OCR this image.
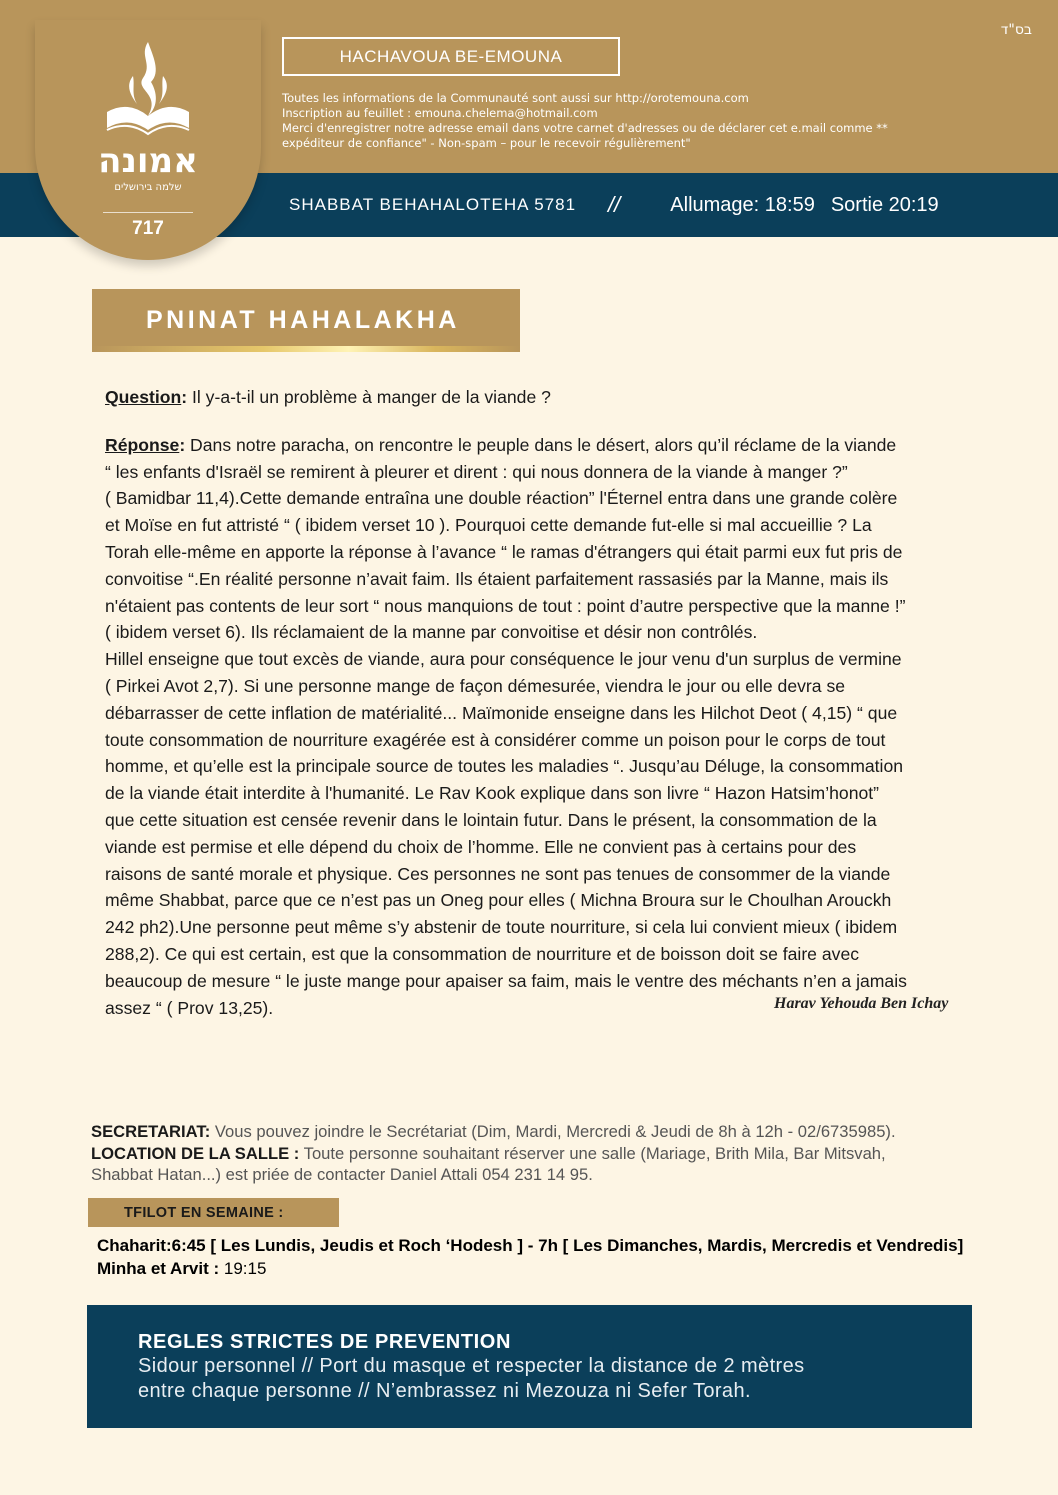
בס"ד
אמונה
שלמה בירושלים
717
HACHAVOUA BE-EMOUNA
Toutes les informations de la Communauté sont aussi sur http://orotemouna.com
Inscription au feuillet : emouna.chelema@hotmail.com
Merci d'enregistrer notre adresse email dans votre carnet d'adresses ou de déclarer cet e.mail comme **
expéditeur de confiance" - Non-spam – pour le recevoir régulièrement"
SHABBAT BEHAHALOTEHA 5781 //	Allumage: 18:59 Sortie 20:19
PNINAT HAHALAKHA
Question: Il y-a-t-il un problème à manger de la viande ?
Réponse: Dans notre paracha, on rencontre le peuple dans le désert, alors qu’il réclame de la viande
“ les enfants d'Israël se remirent à pleurer et dirent : qui nous donnera de la viande à manger ?”
( Bamidbar 11,4).Cette demande entraîna une double réaction” l'Éternel entra dans une grande colère
et Moïse en fut attristé “ ( ibidem verset 10 ). Pourquoi cette demande fut-elle si mal accueillie ? La
Torah elle-même en apporte la réponse à l’avance “ le ramas d'étrangers qui était parmi eux fut pris de
convoitise “.En réalité personne n’avait faim. Ils étaient parfaitement rassasiés par la Manne, mais ils
n'étaient pas contents de leur sort “ nous manquions de tout : point d’autre perspective que la manne !”
( ibidem verset 6). Ils réclamaient de la manne par convoitise et désir non contrôlés.
Hillel enseigne que tout excès de viande, aura pour conséquence le jour venu d'un surplus de vermine
( Pirkei Avot 2,7). Si une personne mange de façon démesurée, viendra le jour ou elle devra se
débarrasser de cette inflation de matérialité... Maïmonide enseigne dans les Hilchot Deot ( 4,15) “ que
toute consommation de nourriture exagérée est à considérer comme un poison pour le corps de tout
homme, et qu’elle est la principale source de toutes les maladies “. Jusqu’au Déluge, la consommation
de la viande était interdite à l'humanité. Le Rav Kook explique dans son livre “ Hazon Hatsim’honot”
que cette situation est censée revenir dans le lointain futur. Dans le présent, la consommation de la
viande est permise et elle dépend du choix de l’homme. Elle ne convient pas à certains pour des
raisons de santé morale et physique. Ces personnes ne sont pas tenues de consommer de la viande
même Shabbat, parce que ce n’est pas un Oneg pour elles ( Michna Broura sur le Choulhan Arouckh
242 ph2).Une personne peut même s’y abstenir de toute nourriture, si cela lui convient mieux ( ibidem
288,2). Ce qui est certain, est que la consommation de nourriture et de boisson doit se faire avec
beaucoup de mesure “ le juste mange pour apaiser sa faim, mais le ventre des méchants n’en a jamais
assez “ ( Prov 13,25).	Harav Yehouda Ben Ichay
SECRETARIAT: Vous pouvez joindre le Secrétariat (Dim, Mardi, Mercredi & Jeudi de 8h à 12h - 02/6735985).
LOCATION DE LA SALLE : Toute personne souhaitant réserver une salle (Mariage, Brith Mila, Bar Mitsvah,
Shabbat Hatan...) est priée de contacter Daniel Attali 054 231 14 95.
TFILOT EN SEMAINE :
Chaharit:6:45 [ Les Lundis, Jeudis et Roch ‘Hodesh ] - 7h [ Les Dimanches, Mardis, Mercredis et Vendredis]
Minha et Arvit : 19:15
REGLES STRICTES DE PREVENTION
Sidour personnel // Port du masque et respecter la distance de 2 mètres
entre chaque personne // N’embrassez ni Mezouza ni Sefer Torah.
